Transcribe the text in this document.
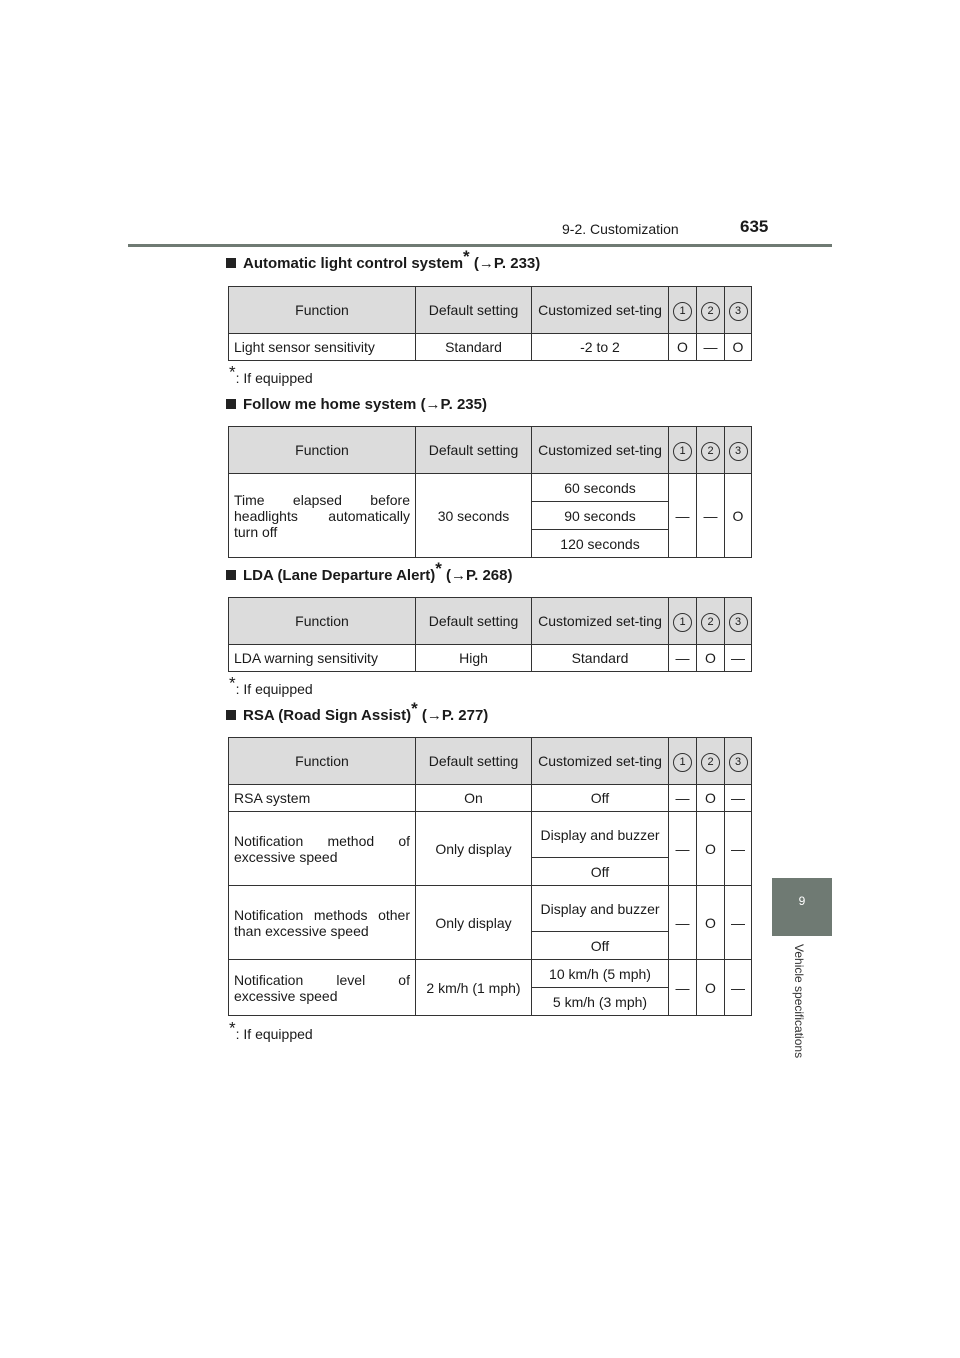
9-2. Customization	635
9
Vehicle specifications
Automatic light control system* (→P. 233)
Function	Default setting	Customized set-ting	1	2	3
Light sensor sensitivity	Standard	-2 to 2	O	—	O
*: If equipped
Follow me home system (→P. 235)
Function	Default setting	Customized set-ting	1	2	3
Time elapsed before headlights automatically turn off	30 seconds	60 seconds	—	—	O
		90 seconds			
		120 seconds			
LDA (Lane Departure Alert)* (→P. 268)
Function	Default setting	Customized set-ting	1	2	3
LDA warning sensitivity	High	Standard	—	O	—
*: If equipped
RSA (Road Sign Assist)* (→P. 277)
Function	Default setting	Customized set-ting	1	2	3
RSA system	On	Off	—	O	—
Notification method of excessive speed	Only display	Display and buzzer	—	O	—
		Off			
Notification methods other than excessive speed	Only display	Display and buzzer	—	O	—
		Off			
Notification level of excessive speed	2 km/h (1 mph)	10 km/h (5 mph)	—	O	—
		5 km/h (3 mph)			
*: If equipped
